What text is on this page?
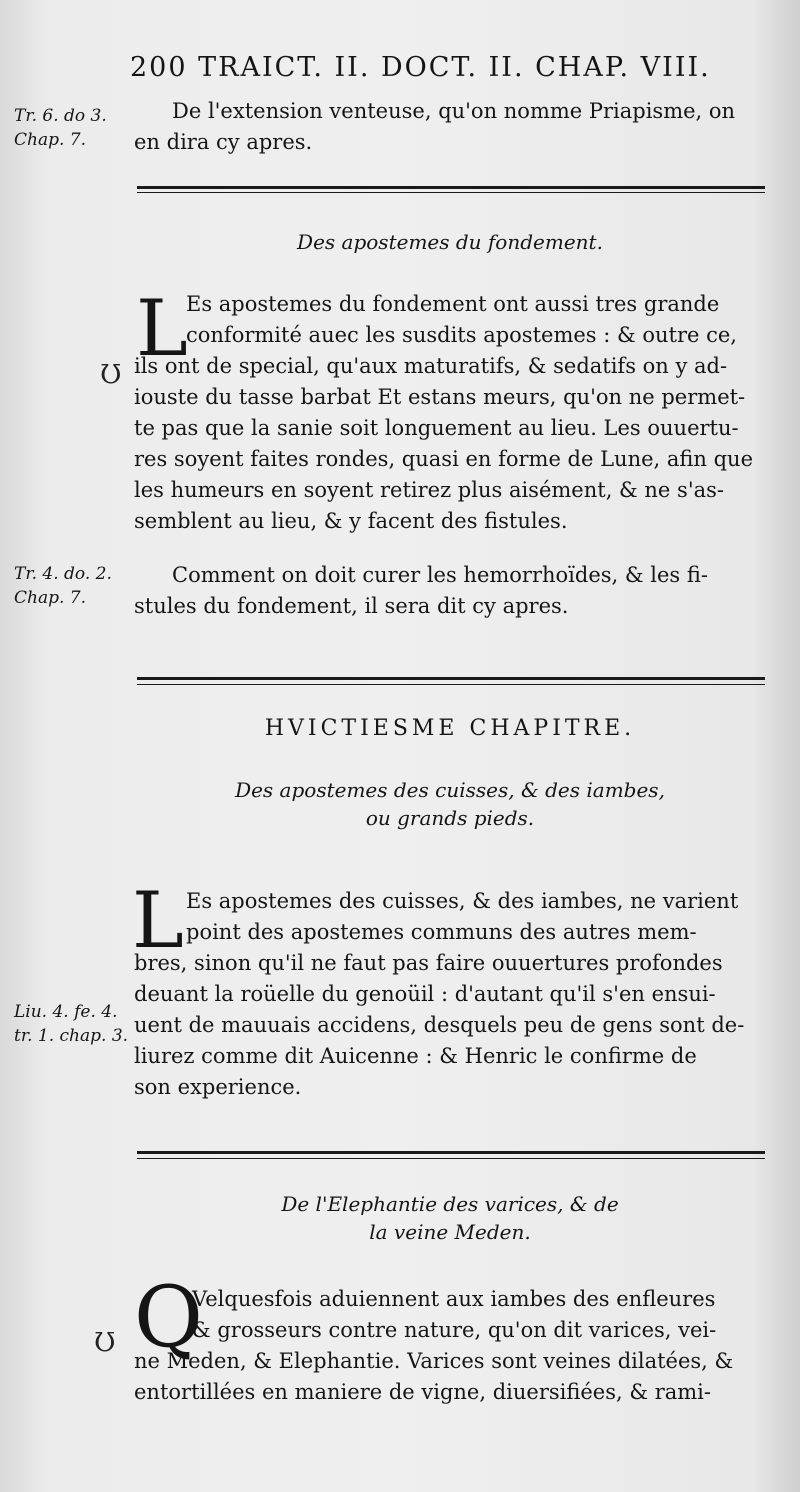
200 TRAICT. II. DOCT. II. CHAP. VIII.
Tr. 6. do 3.
Chap. 7.
De l'extension venteuse, qu'on nomme Priapisme, on
en dira cy apres.
Des apostemes du fondement.
L
Ʊ
Es apostemes du fondement ont aussi tres grande
conformité auec les susdits apostemes : & outre ce,
ils ont de special, qu'aux maturatifs, & sedatifs on y ad-
iouste du tasse barbat Et estans meurs, qu'on ne permet-
te pas que la sanie soit longuement au lieu. Les ouuertu-
res soyent faites rondes, quasi en forme de Lune, afin que
les humeurs en soyent retirez plus aisément, & ne s'as-
semblent au lieu, & y facent des fistules.
Tr. 4. do. 2.
Chap. 7.
Comment on doit curer les hemorrhoïdes, & les fi-
stules du fondement, il sera dit cy apres.
HVICTIESME CHAPITRE.
Des apostemes des cuisses, & des iambes,
ou grands pieds.
L Es apostemes des cuisses, & des iambes, ne varient
point des apostemes communs des autres mem-
bres, sinon qu'il ne faut pas faire ouuertures profondes
deuant la roüelle du genoüil : d'autant qu'il s'en ensui-
uent de mauuais accidens, desquels peu de gens sont de-
liurez comme dit Auicenne : & Henric le confirme de
son experience.
Liu. 4. fe. 4.
tr. 1. chap. 3.
De l'Elephantie des varices, & de
la veine Meden.
Q
Ʊ
Velquesfois aduiennent aux iambes des enfleures
& grosseurs contre nature, qu'on dit varices, vei-
ne Meden, & Elephantie. Varices sont veines dilatées, &
entortillées en maniere de vigne, diuersifiées, & rami-
